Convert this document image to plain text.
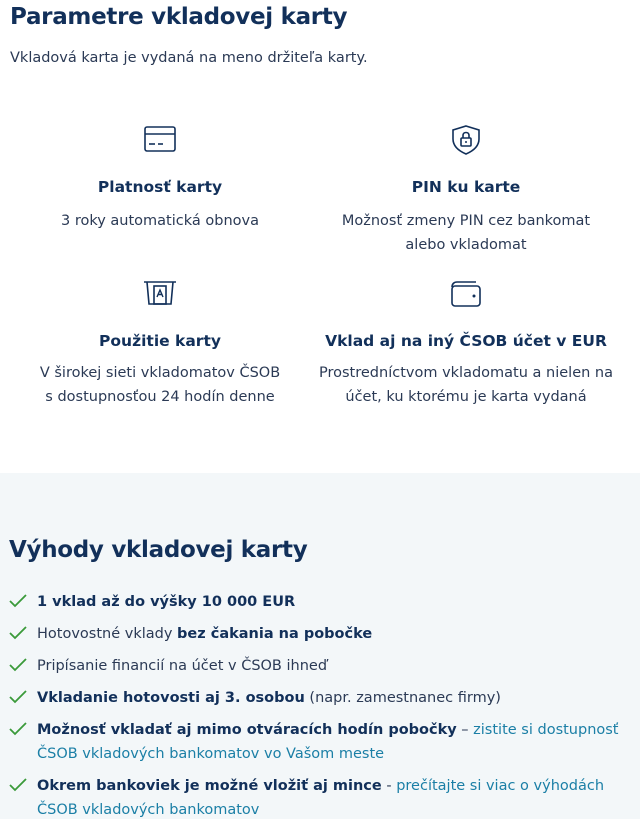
Parametre vkladovej karty

Vkladová karta je vydaná na meno držiteľa karty.

Platnosť karty

3 roky automatická obnova

PIN ku karte

Možnosť zmeny PIN cez bankomat
alebo vkladomat

Použitie karty

V širokej sieti vkladomatov ČSOB
s dostupnosťou 24 hodín denne

Vklad aj na iný ČSOB účet v EUR

Prostredníctvom vkladomatu a nielen na
účet, ku ktorému je karta vydaná

Výhody vkladovej karty
1 vklad až do výšky 10 000 EUR
Hotovostné vklady bez čakania na pobočke
Pripísanie financií na účet v ČSOB ihneď
Vkladanie hotovosti aj 3. osobou (napr. zamestnanec firmy)
Možnosť vkladať aj mimo otváracích hodín pobočky – zistite si dostupnosť ČSOB vkladových bankomatov vo Vašom meste
Okrem bankoviek je možné vložiť aj mince - prečítajte si viac o výhodách ČSOB vkladových bankomatov
